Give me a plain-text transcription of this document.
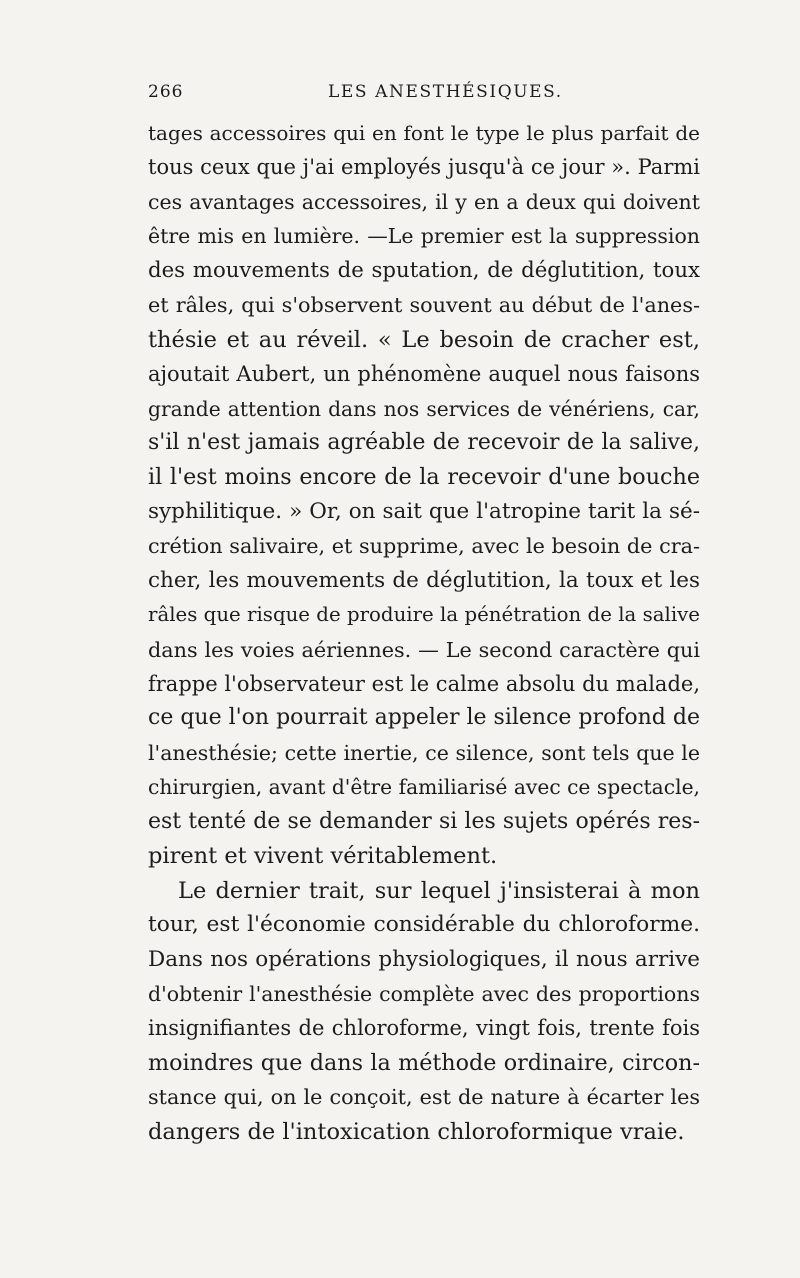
266	LES ANESTHÉSIQUES.
tages accessoires qui en font le type le plus parfait de
tous ceux que j'ai employés jusqu'à ce jour ». Parmi
ces avantages accessoires, il y en a deux qui doivent
être mis en lumière. —Le premier est la suppression
des mouvements de sputation, de déglutition, toux
et râles, qui s'observent souvent au début de l'anes-
thésie et au réveil. « Le besoin de cracher est,
ajoutait Aubert, un phénomène auquel nous faisons
grande attention dans nos services de vénériens, car,
s'il n'est jamais agréable de recevoir de la salive,
il l'est moins encore de la recevoir d'une bouche
syphilitique. » Or, on sait que l'atropine tarit la sé-
crétion salivaire, et supprime, avec le besoin de cra-
cher, les mouvements de déglutition, la toux et les
râles que risque de produire la pénétration de la salive
dans les voies aériennes. — Le second caractère qui
frappe l'observateur est le calme absolu du malade,
ce que l'on pourrait appeler le silence profond de
l'anesthésie; cette inertie, ce silence, sont tels que le
chirurgien, avant d'être familiarisé avec ce spectacle,
est tenté de se demander si les sujets opérés res-
pirent et vivent véritablement.
Le dernier trait, sur lequel j'insisterai à mon
tour, est l'économie considérable du chloroforme.
Dans nos opérations physiologiques, il nous arrive
d'obtenir l'anesthésie complète avec des proportions
insignifiantes de chloroforme, vingt fois, trente fois
moindres que dans la méthode ordinaire, circon-
stance qui, on le conçoit, est de nature à écarter les
dangers de l'intoxication chloroformique vraie.
